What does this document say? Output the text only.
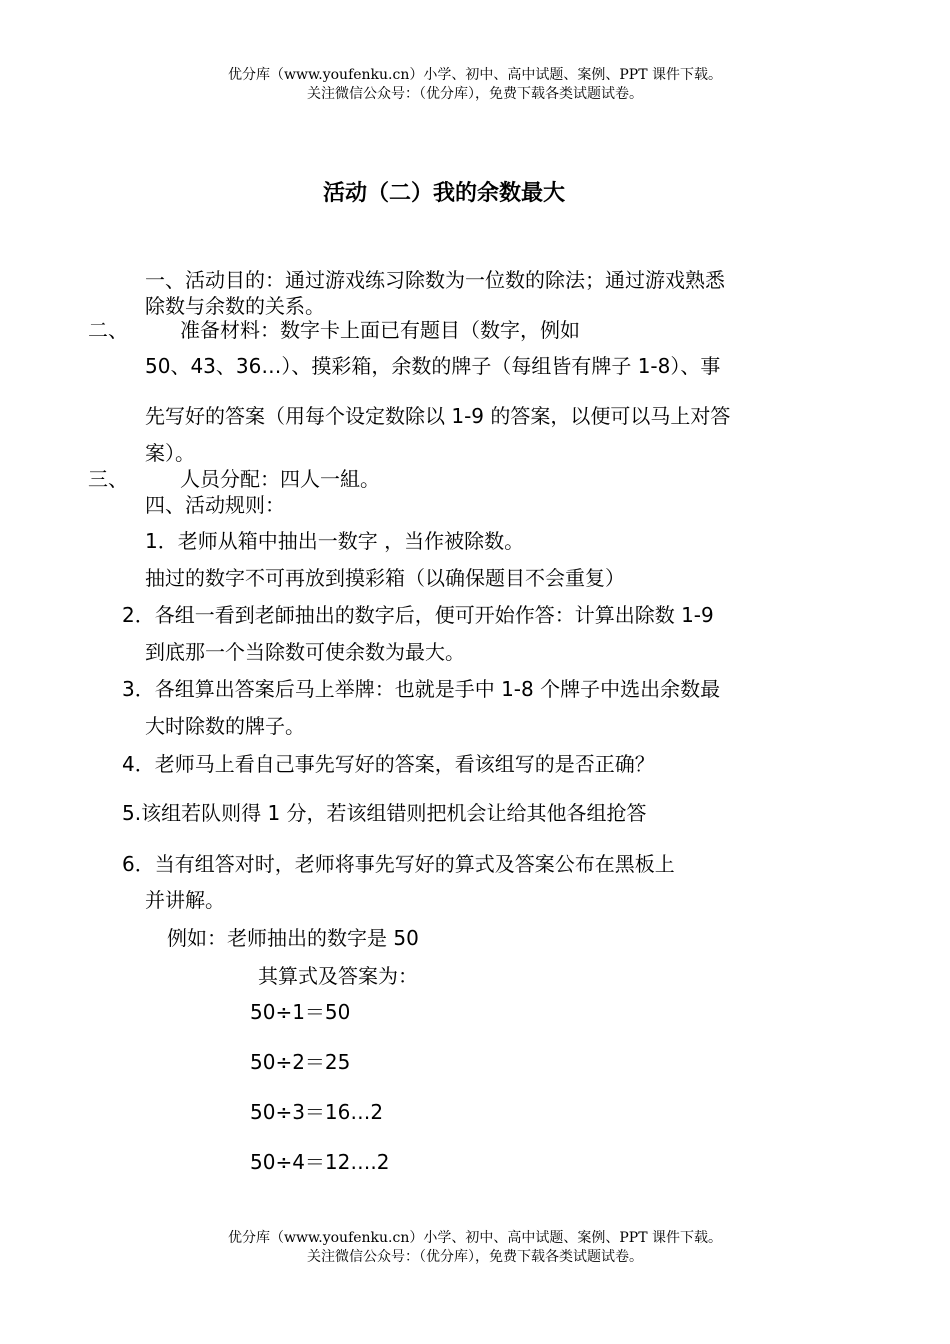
优分库（www.youfenku.cn）小学、初中、高中试题、案例、PPT 课件下载。
关注微信公众号：（优分库），免费下载各类试题试卷。
活动（二）我的余数最大
一、活动目的：通过游戏练习除数为一位数的除法；通过游戏熟悉
除数与余数的关系。
二、	准备材料：数字卡上面已有题目（数字，例如
50、43、36…）、摸彩箱，余数的牌子（每组皆有牌子 1-8）、事
先写好的答案（用每个设定数除以 1-9 的答案，以便可以马上对答
案）。
三、	人员分配：四人一組。
四、活动规则：
1．老师从箱中抽出一数字 ，当作被除数。
抽过的数字不可再放到摸彩箱（以确保题目不会重复）
2．各组一看到老師抽出的数字后，便可开始作答：计算出除数 1-9
到底那一个当除数可使余数为最大。
3．各组算出答案后马上举牌：也就是手中 1-8 个牌子中选出余数最
大时除数的牌子。
4．老师马上看自己事先写好的答案，看该组写的是否正确？
5.该组若队则得 1 分，若该组错则把机会让给其他各组抢答
6．当有组答对时，老师将事先写好的算式及答案公布在黑板上
并讲解。
例如：老师抽出的数字是 50
其算式及答案为：
50÷1＝50
50÷2＝25
50÷3＝16…2
50÷4＝12….2
优分库（www.youfenku.cn）小学、初中、高中试题、案例、PPT 课件下载。
关注微信公众号：（优分库），免费下载各类试题试卷。
